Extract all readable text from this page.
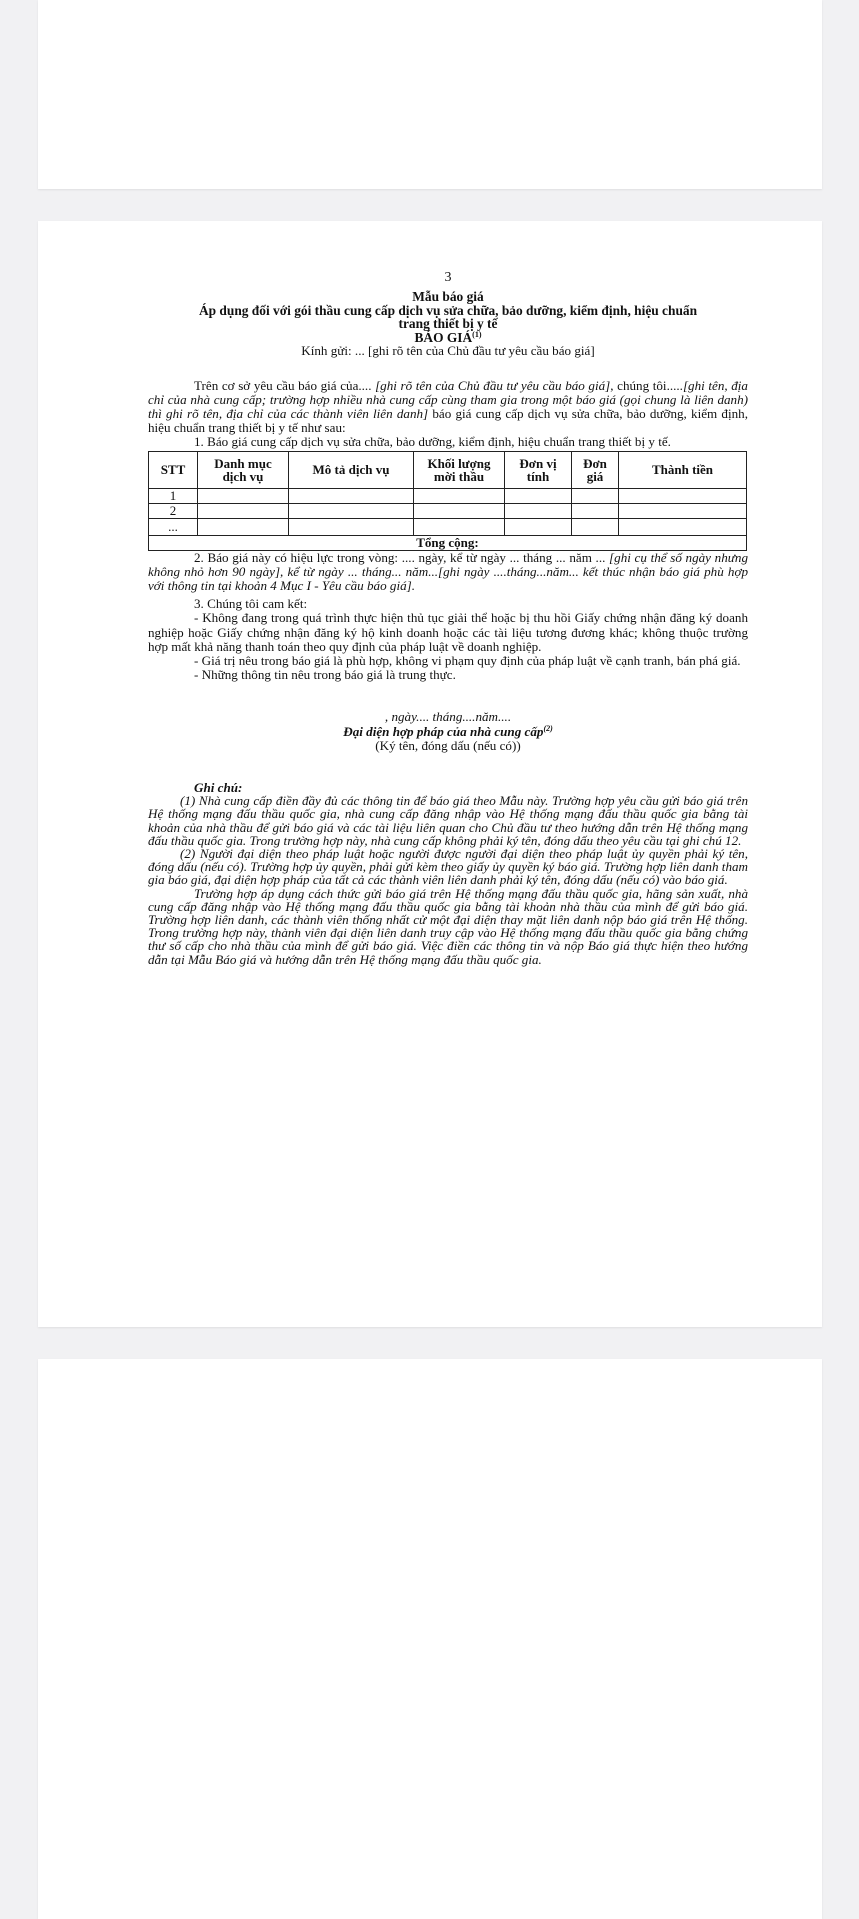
3
Mẫu báo giá
Áp dụng đối với gói thầu cung cấp dịch vụ sửa chữa, bảo dưỡng, kiểm định, hiệu chuẩn
trang thiết bị y tế
BÁO GIÁ$^{(1)}$
Kính gửi: ... [ghi rõ tên của Chủ đầu tư yêu cầu báo giá]

Trên cơ sở yêu cầu báo giá của.... [ghi rõ tên của Chủ đầu tư yêu cầu báo giá], chúng tôi.....[ghi tên, địa chỉ của nhà cung cấp; trường hợp nhiều nhà cung cấp cùng tham gia trong một báo giá (gọi chung là liên danh) thì ghi rõ tên, địa chỉ của các thành viên liên danh] báo giá cung cấp dịch vụ sửa chữa, bảo dưỡng, kiểm định, hiệu chuẩn trang thiết bị y tế như sau:

1. Báo giá cung cấp dịch vụ sửa chữa, bảo dưỡng, kiểm định, hiệu chuẩn trang thiết bị y tế.

STT	Danh mục dịch vụ	Mô tả dịch vụ	Khối lượng mời thầu	Đơn vị tính	Đơn giá	Thành tiền
1						
2						
...						
Tổng cộng:						

2. Báo giá này có hiệu lực trong vòng: .... ngày, kể từ ngày ... tháng ... năm ... [ghi cụ thể số ngày nhưng không nhỏ hơn 90 ngày], kể từ ngày ... tháng... năm...[ghi ngày ....tháng...năm... kết thúc nhận báo giá phù hợp với thông tin tại khoản 4 Mục I - Yêu cầu báo giá].

3. Chúng tôi cam kết:

- Không đang trong quá trình thực hiện thủ tục giải thể hoặc bị thu hồi Giấy chứng nhận đăng ký doanh nghiệp hoặc Giấy chứng nhận đăng ký hộ kinh doanh hoặc các tài liệu tương đương khác; không thuộc trường hợp mất khả năng thanh toán theo quy định của pháp luật về doanh nghiệp.

- Giá trị nêu trong báo giá là phù hợp, không vi phạm quy định của pháp luật về cạnh tranh, bán phá giá.

- Những thông tin nêu trong báo giá là trung thực.

, ngày.... tháng....năm....
Đại diện hợp pháp của nhà cung cấp$^{(2)}$
(Ký tên, đóng dấu (nếu có))

Ghi chú:

(1) Nhà cung cấp điền đầy đủ các thông tin để báo giá theo Mẫu này. Trường hợp yêu cầu gửi báo giá trên Hệ thống mạng đấu thầu quốc gia, nhà cung cấp đăng nhập vào Hệ thống mạng đấu thầu quốc gia bằng tài khoản của nhà thầu để gửi báo giá và các tài liệu liên quan cho Chủ đầu tư theo hướng dẫn trên Hệ thống mạng đấu thầu quốc gia. Trong trường hợp này, nhà cung cấp không phải ký tên, đóng dấu theo yêu cầu tại ghi chú 12.

(2) Người đại diện theo pháp luật hoặc người được người đại diện theo pháp luật ủy quyền phải ký tên, đóng dấu (nếu có). Trường hợp ủy quyền, phải gửi kèm theo giấy ủy quyền ký báo giá. Trường hợp liên danh tham gia báo giá, đại diện hợp pháp của tất cả các thành viên liên danh phải ký tên, đóng dấu (nếu có) vào báo giá.

Trường hợp áp dụng cách thức gửi báo giá trên Hệ thống mạng đấu thầu quốc gia, hãng sản xuất, nhà cung cấp đăng nhập vào Hệ thống mạng đấu thầu quốc gia bằng tài khoản nhà thầu của mình để gửi báo giá. Trường hợp liên danh, các thành viên thống nhất cử một đại diện thay mặt liên danh nộp báo giá trên Hệ thống. Trong trường hợp này, thành viên đại diện liên danh truy cập vào Hệ thống mạng đấu thầu quốc gia bằng chứng thư số cấp cho nhà thầu của mình để gửi báo giá. Việc điền các thông tin và nộp Báo giá thực hiện theo hướng dẫn tại Mẫu Báo giá và hướng dẫn trên Hệ thống mạng đấu thầu quốc gia.
